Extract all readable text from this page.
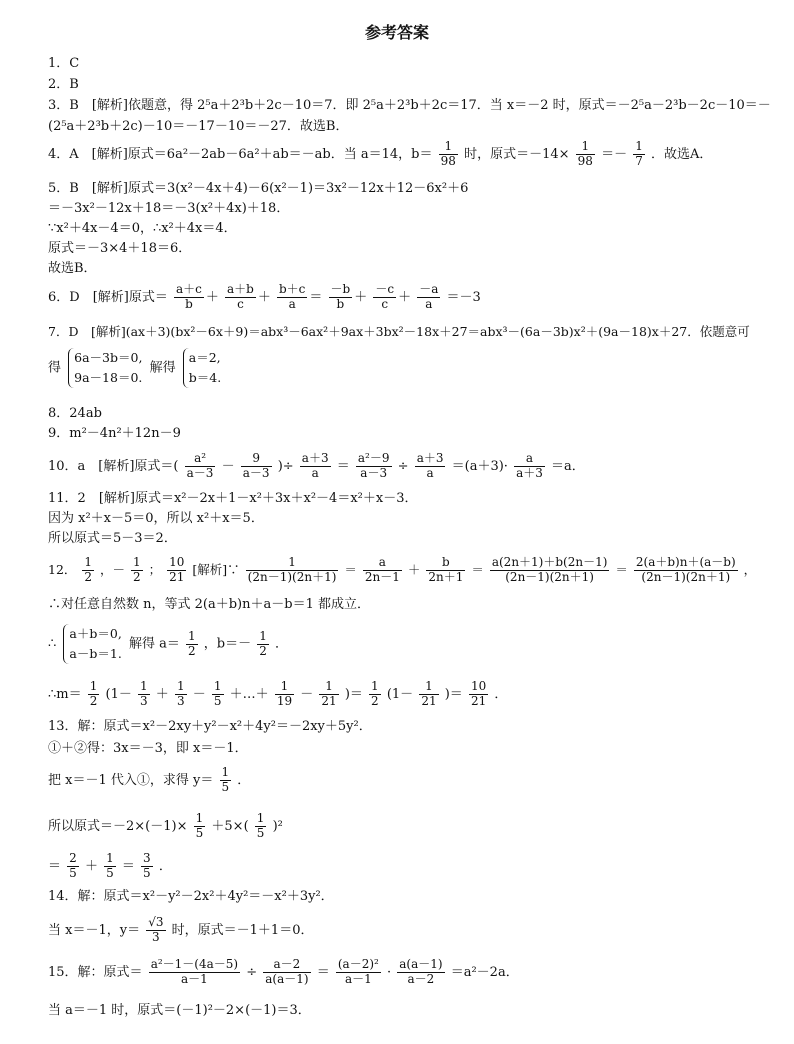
参考答案
1．C
2．B
3．B　[解析]依题意，得 2⁵a＋2³b＋2c－10＝7．即 2⁵a＋2³b＋2c＝17．当 x＝－2 时，原式＝－2⁵a－2³b－2c－10＝－
(2⁵a＋2³b＋2c)－10＝－17－10＝－27．故选B．
4．A　[解析]原式＝6a²－2ab－6a²＋ab＝－ab．当 a＝14，$b= \frac{1}{98}$ 时，原式$=-14\times \frac{1}{98} =- \frac{1}{7}$ ．故选A．
5．B　[解析]原式＝3(x²－4x＋4)－6(x²－1)＝3x²－12x＋12－6x²＋6
＝－3x²－12x＋18＝－3(x²＋4x)＋18．
∵x²＋4x－4＝0，∴x²＋4x＝4．
原式＝－3×4＋18＝6．
故选B．
6．D　[解析]原式＝ $\frac{a+c}{b} + \frac{a+b}{c} + \frac{b+c}{a} = \frac{-b}{b} + \frac{-c}{c} + \frac{-a}{a} =-3$
7．D　[解析](ax＋3)(bx²－6x＋9)＝abx³－6ax²＋9ax＋3bx²－18x＋27＝abx³－(6a－3b)x²＋(9a－18)x＋27．依题意可
得
6a－3b＝0,
9a－18＝0.
解得
a＝2,
b＝4.
8．24ab
9．m²－4n²＋12n－9
10．a　[解析]原式＝( $\frac{\text{a²}}{a-3} - \frac{9}{a-3}$ )÷ $\frac{a+3}{a} = \frac{\text{a²－9}}{a-3} \div \frac{a+3}{a} =(a+3)\cdot \frac{a}{a+3} =a$．
11．2　[解析]原式＝x²－2x＋1－x²＋3x＋x²－4＝x²＋x－3．
因为 x²＋x－5＝0，所以 x²＋x＝5．
所以原式＝5－3＝2．
12． $\frac{1}{2}$ ，－ $\frac{1}{2}$ ； $\frac{10}{21}$ [解析]∵ $\frac{1}{(2n-1)(2n+1)} = \frac{a}{2n-1} + \frac{b}{2n+1} = \frac{a(2n+1)+b(2n-1)}{(2n-1)(2n+1)} = \frac{2(a+b)n+(a-b)}{(2n-1)(2n+1)}$ ，
∴对任意自然数 n，等式 2(a＋b)n＋a－b＝1 都成立．
∴
a＋b＝0,
a－b＝1.
解得 $a= \frac{1}{2}$ ，$b=- \frac{1}{2}$ ．
∴m＝ $\frac{1}{2} (1- \frac{1}{3} + \frac{1}{3} - \frac{1}{5}$ ＋…＋ $\frac{1}{19} - \frac{1}{21}$ )＝ $\frac{1}{2} (1- \frac{1}{21}$ )＝ $\frac{10}{21}$ ．
13．解：原式＝x²－2xy＋y²－x²＋4y²＝－2xy＋5y²．
①＋②得：3x＝－3，即 x＝－1．
把 x＝－1 代入①，求得 $y= \frac{1}{5}$ ．
所以原式$=-2\times(-1)\times \frac{1}{5} +5\times( \frac{1}{5} )^2$
＝ $\frac{2}{5} + \frac{1}{5} = \frac{3}{5}$ ．
14．解：原式＝x²－y²－2x²＋4y²＝－x²＋3y²．
当 x＝－1，$y= \frac{√3}{3}$ 时，原式＝－1＋1＝0．
15．解：原式＝ $\frac{\text{a²－1－(4a－5)}}{a-1} \div \frac{a-2}{a(a-1)} = \frac{\text{(a－2)²}}{a-1} \cdot \frac{a(a-1)}{a-2} =a^2-2a$．
当 a＝－1 时，原式＝(－1)²－2×(－1)＝3．
